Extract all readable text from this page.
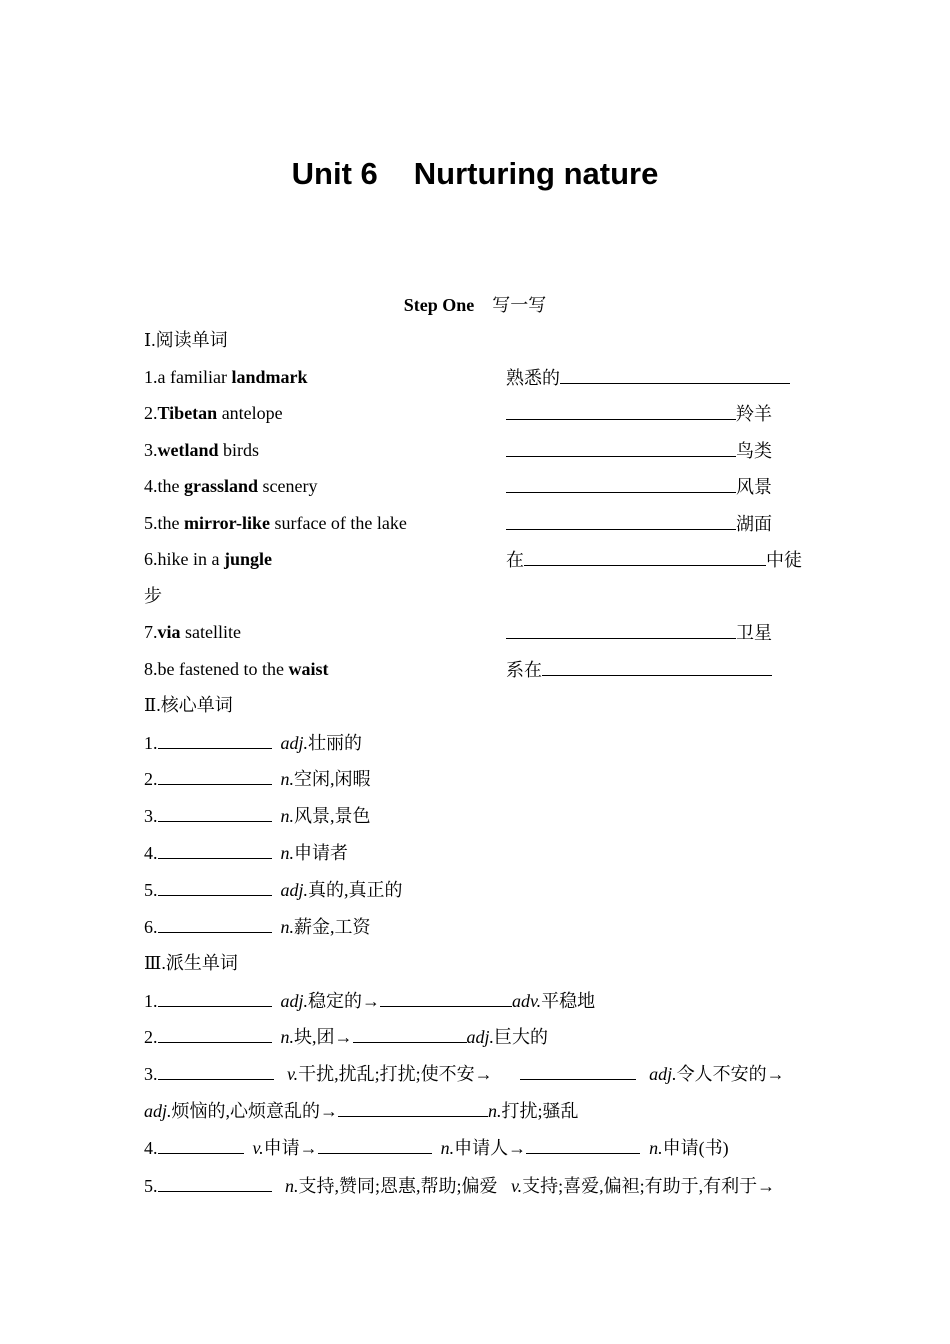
Unit 6 Nurturing nature
Step One 写一写
Ⅰ.阅读单词
1.a familiar landmark	熟悉的
2.Tibetan antelope	羚羊
3.wetland birds	鸟类
4.the grassland scenery	风景
5.the mirror-like surface of the lake	湖面
6.hike in a jungle	在	中徒
步
7.via satellite	卫星
8.be fastened to the waist	系在
Ⅱ.核心单词
1.	adj.壮丽的
2.	n.空闲,闲暇
3.	n.风景,景色
4.	n.申请者
5.	adj.真的,真正的
6.	n.薪金,工资
Ⅲ.派生单词
1.	adj.稳定的→	adv.平稳地
2.	n.块,团→	adj.巨大的
3.	v.干扰,扰乱;打扰;使不安→	adj.令人不安的→
adj.烦恼的,心烦意乱的→	n.打扰;骚乱
4.	v.申请→	n.申请人→	n.申请(书)
5.	n.支持,赞同;恩惠,帮助;偏爱 v.支持;喜爱,偏袒;有助于,有利于→
